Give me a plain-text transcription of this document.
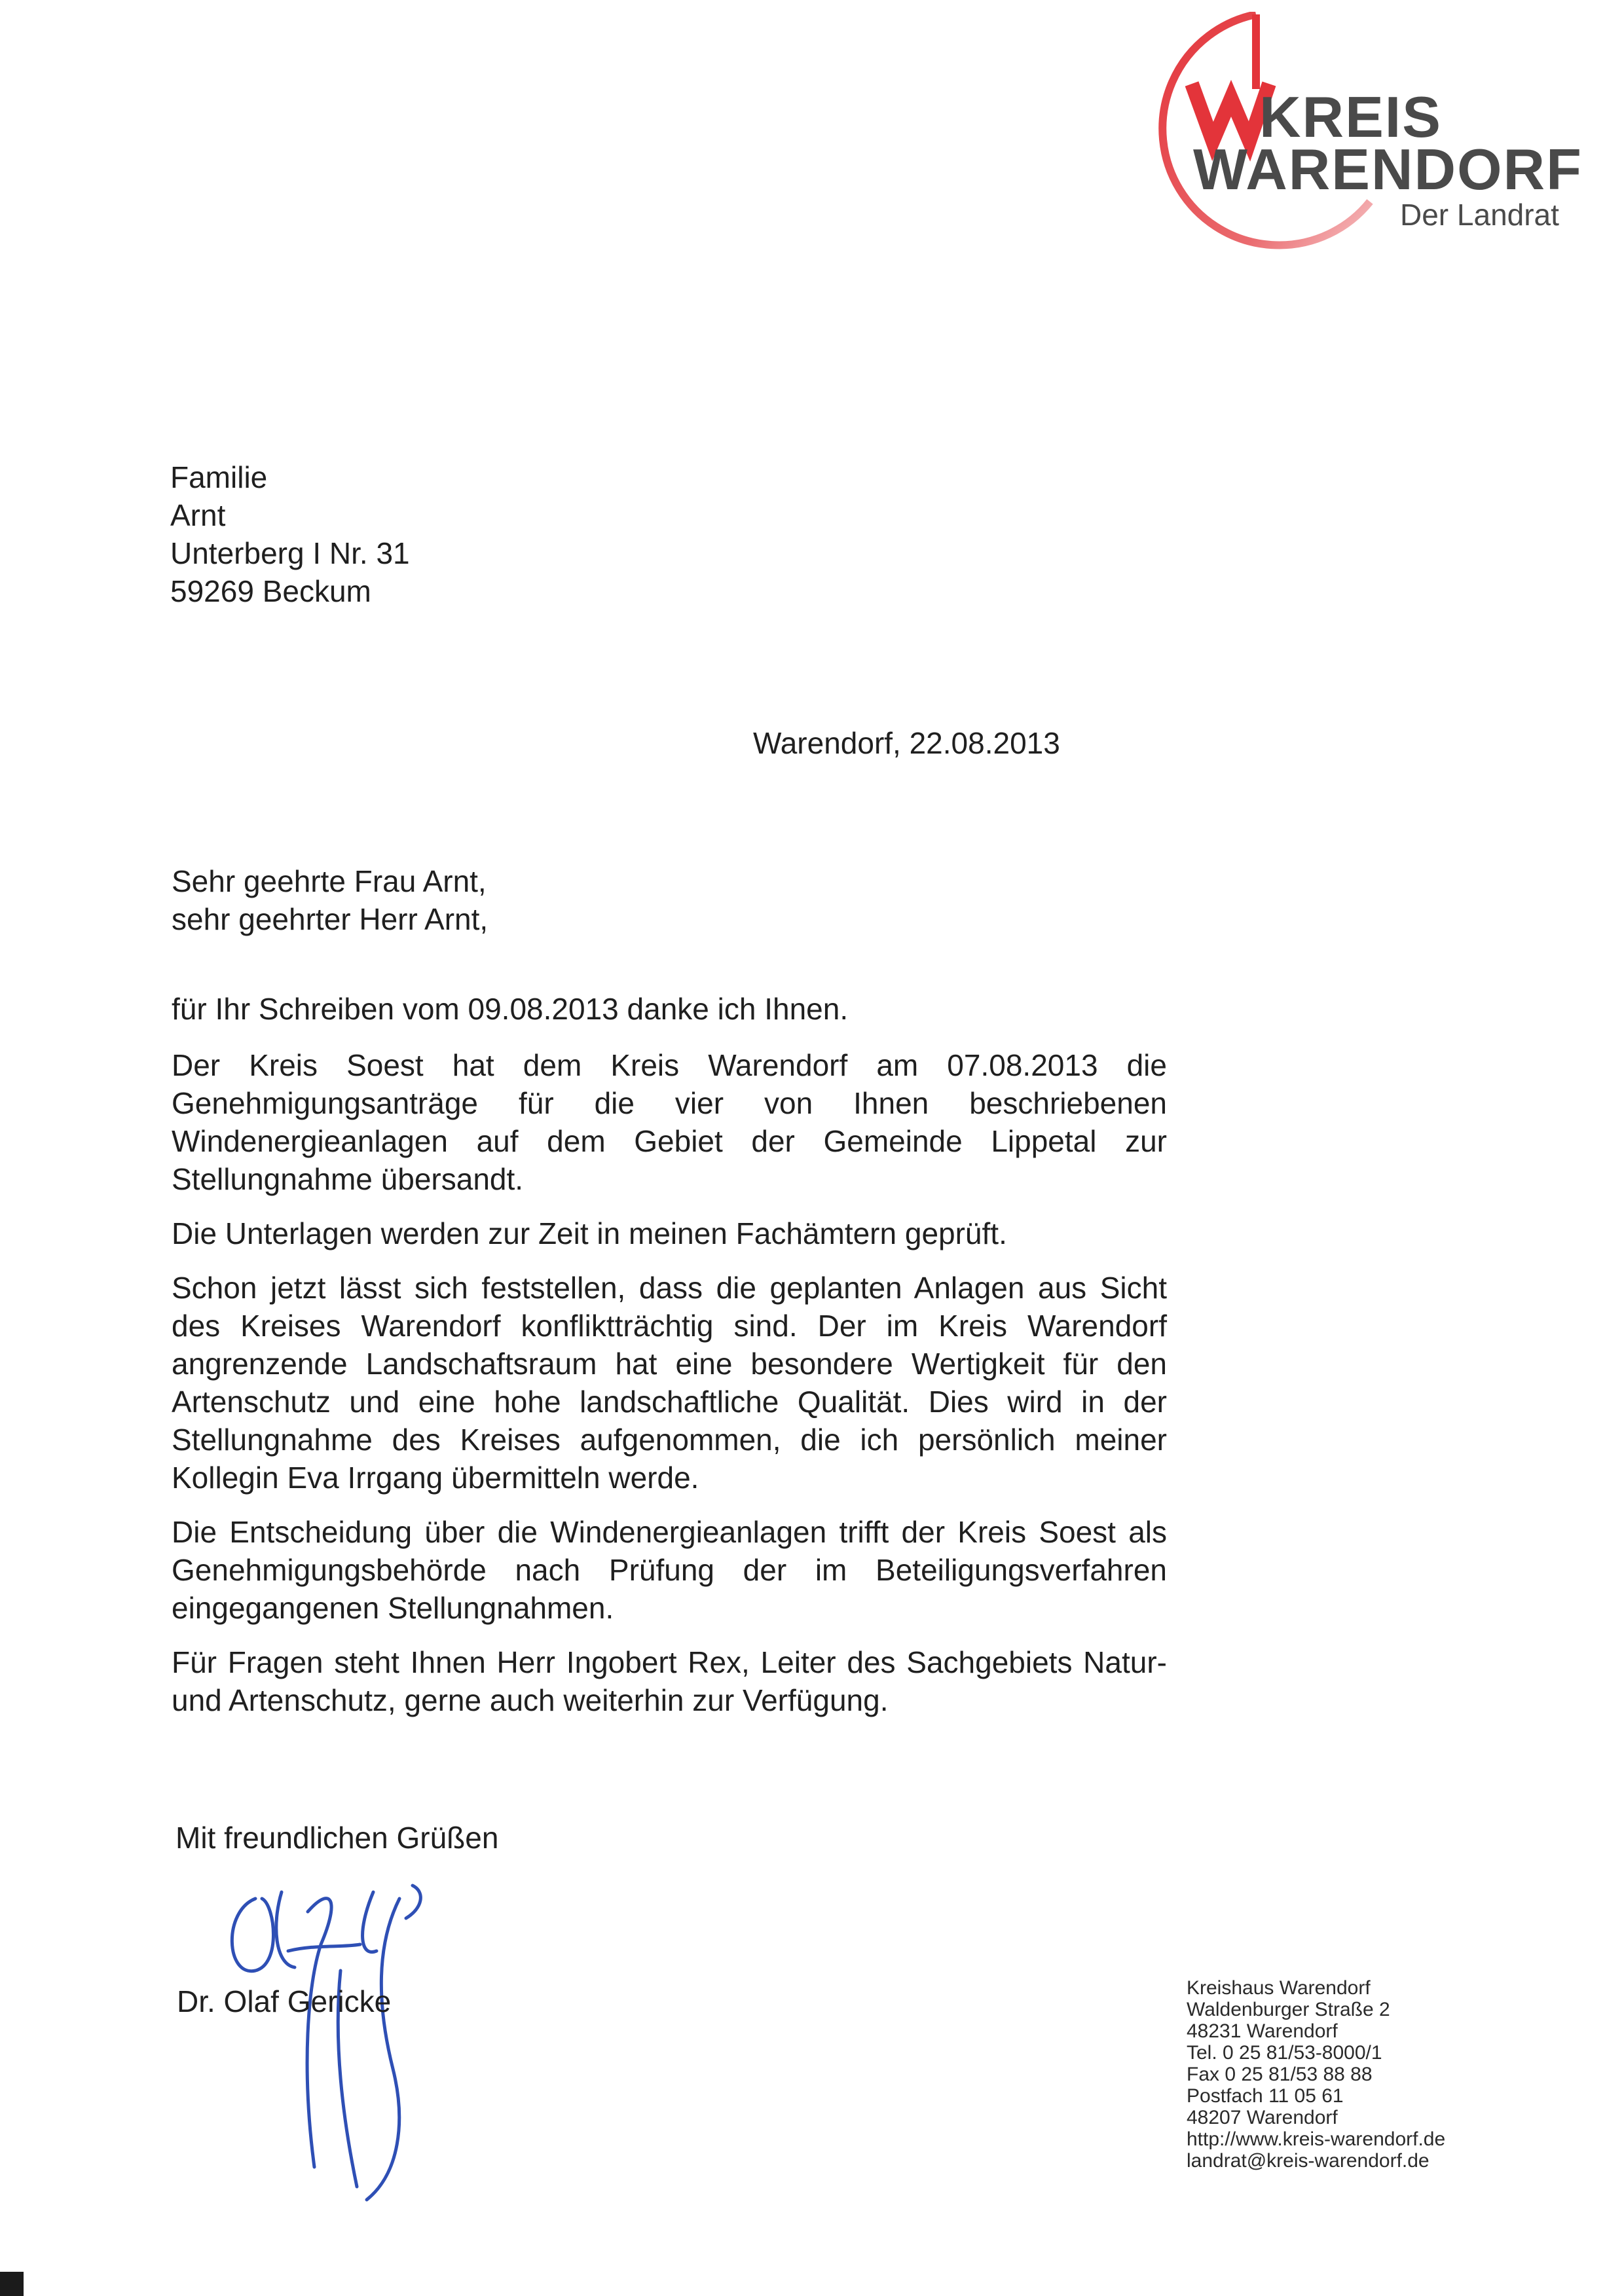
KREIS
WARENDORF
Der Landrat
Familie
Arnt
Unterberg I Nr. 31
59269 Beckum
Warendorf, 22.08.2013
Sehr geehrte Frau Arnt,
sehr geehrter Herr Arnt,

für Ihr Schreiben vom 09.08.2013 danke ich Ihnen.

Der Kreis Soest hat dem Kreis Warendorf am 07.08.2013 die Genehmigungsanträge für die vier von Ihnen beschriebenen Windenergieanlagen auf dem Gebiet der Gemeinde Lippetal zur Stellungnahme übersandt.

Die Unterlagen werden zur Zeit in meinen Fachämtern geprüft.

Schon jetzt lässt sich feststellen, dass die geplanten Anlagen aus Sicht des Kreises Warendorf konfliktträchtig sind. Der im Kreis Warendorf angrenzende Landschaftsraum hat eine besondere Wertigkeit für den Artenschutz und eine hohe landschaftliche Qualität. Dies wird in der Stellungnahme des Kreises aufgenommen, die ich persönlich meiner Kollegin Eva Irrgang übermitteln werde.

Die Entscheidung über die Windenergieanlagen trifft der Kreis Soest als Genehmigungsbehörde nach Prüfung der im Beteiligungsverfahren eingegangenen Stellungnahmen.

Für Fragen steht Ihnen Herr Ingobert Rex, Leiter des Sachgebiets Natur- und Artenschutz, gerne auch weiterhin zur Verfügung.

Mit freundlichen Grüßen
Dr. Olaf Gericke	Kreishaus Warendorf
Waldenburger Straße 2
48231 Warendorf
Tel. 0 25 81/53-8000/1
Fax 0 25 81/53 88 88
Postfach 11 05 61
48207 Warendorf
http://www.kreis-warendorf.de
landrat@kreis-warendorf.de
